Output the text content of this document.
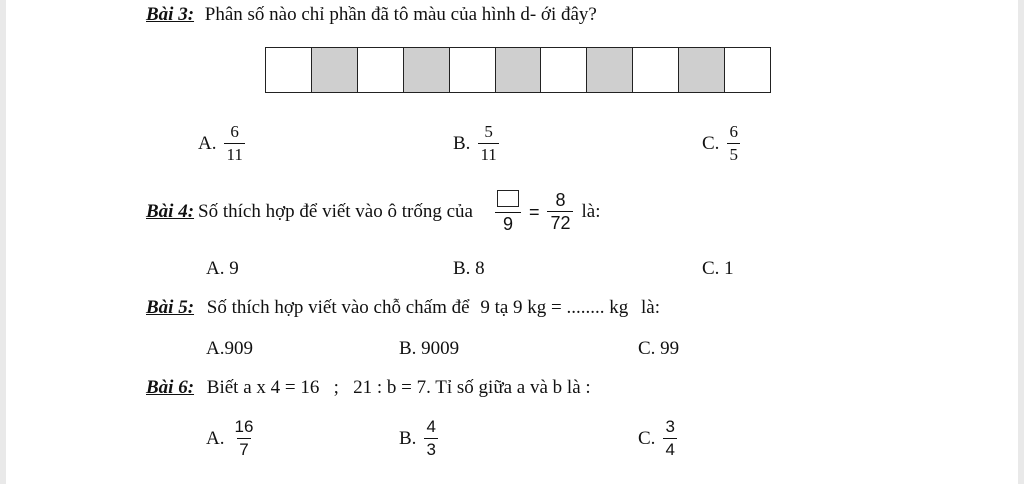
Bài 3: Phân số nào chỉ phần đã tô màu của hình d- ới đây?
A. $\frac{6}{11}$	B. $\frac{5}{11}$	C. $\frac{6}{5}$
Bài 4: Số thích hợp để viết vào ô trống của
9
= $\frac{8}{72}$ là:
A. 9	B. 8	C. 1
Bài 5: Số thích hợp viết vào chỗ chấm để 9 tạ 9 kg = ........ kg là:
A.909	B. 9009	C. 99
Bài 6: Biết a x 4 = 16   ;   21 : b = 7. Tỉ số giữa a và b là :
A. $\frac{16}{7}$	B. $\frac{4}{3}$	C. $\frac{3}{4}$
